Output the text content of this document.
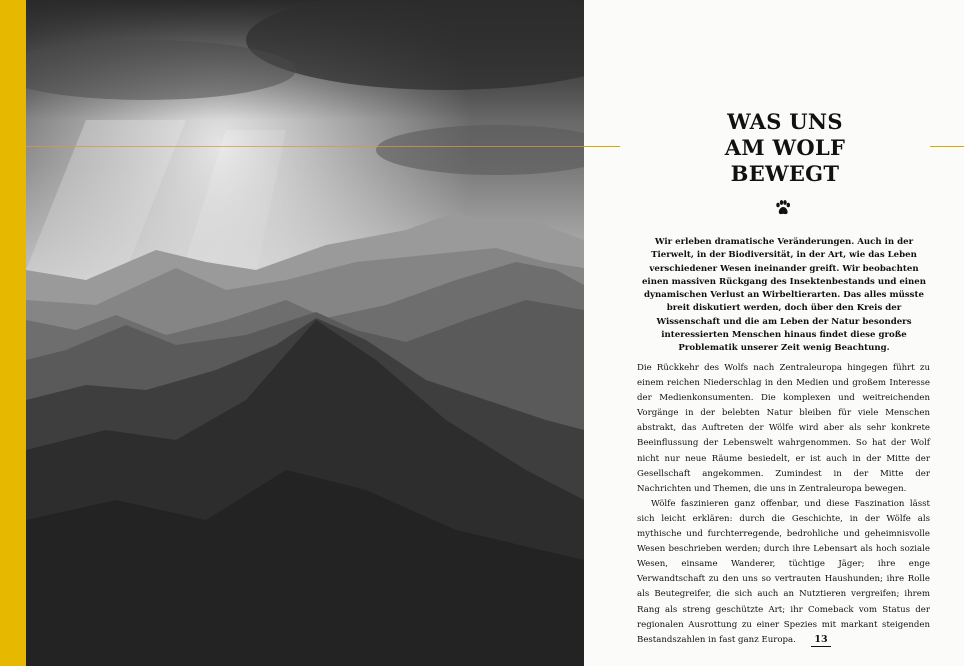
WAS UNS
AM WOLF
BEWEGT

Wir erleben dramatische Veränderungen. Auch in der Tierwelt, in der Biodiversität, in der Art, wie das Leben verschiedener Wesen ineinander greift. Wir beobachten einen massiven Rückgang des Insektenbestands und einen dynamischen Verlust an Wirbeltierarten. Das alles müsste breit diskutiert werden, doch über den Kreis der Wissenschaft und die am Leben der Natur besonders interessierten Menschen hinaus findet diese große Problematik unserer Zeit wenig Beachtung.

Die Rückkehr des Wolfs nach Zentraleuropa hingegen führt zu einem reichen Niederschlag in den Medien und großem Interesse der Medienkonsumenten. Die komplexen und weitreichenden Vorgänge in der belebten Natur bleiben für viele Menschen abstrakt, das Auftreten der Wölfe wird aber als sehr konkrete Beeinflussung der Lebenswelt wahrgenommen. So hat der Wolf nicht nur neue Räume besiedelt, er ist auch in der Mitte der Gesellschaft angekommen. Zumindest in der Mitte der Nachrichten und Themen, die uns in Zentraleuropa bewegen.

Wölfe faszinieren ganz offenbar, und diese Faszination lässt sich leicht erklären: durch die Geschichte, in der Wölfe als mythische und furchterregende, bedrohliche und geheimnisvolle Wesen beschrieben werden; durch ihre Lebensart als hoch soziale Wesen, einsame Wanderer, tüchtige Jäger; ihre enge Verwandtschaft zu den uns so vertrauten Haushunden; ihre Rolle als Beutegreifer, die sich auch an Nutztieren vergreifen; ihrem Rang als streng geschützte Art; ihr Comeback vom Status der regionalen Ausrottung zu einer Spezies mit markant steigenden Bestandszahlen in fast ganz Europa.	13
